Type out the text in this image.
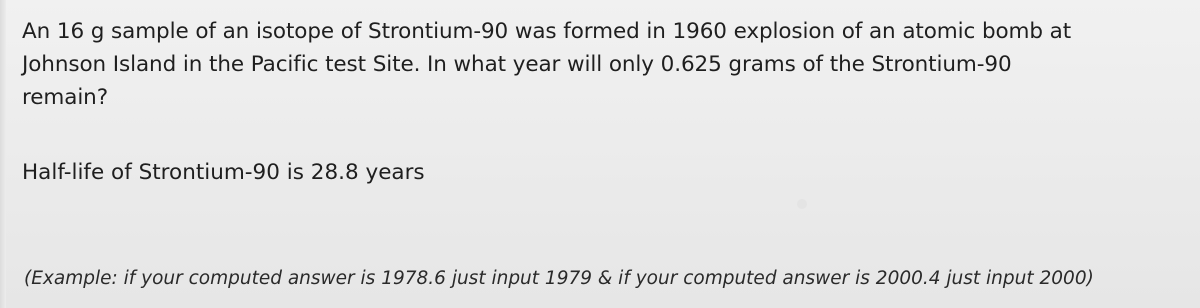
An 16 g sample of an isotope of Strontium-90 was formed in 1960 explosion of an atomic bomb at
Johnson Island in the Pacific test Site. In what year will only 0.625 grams of the Strontium-90
remain?
Half-life of Strontium-90 is 28.8 years
(Example: if your computed answer is 1978.6 just input 1979 & if your computed answer is 2000.4 just input 2000)
